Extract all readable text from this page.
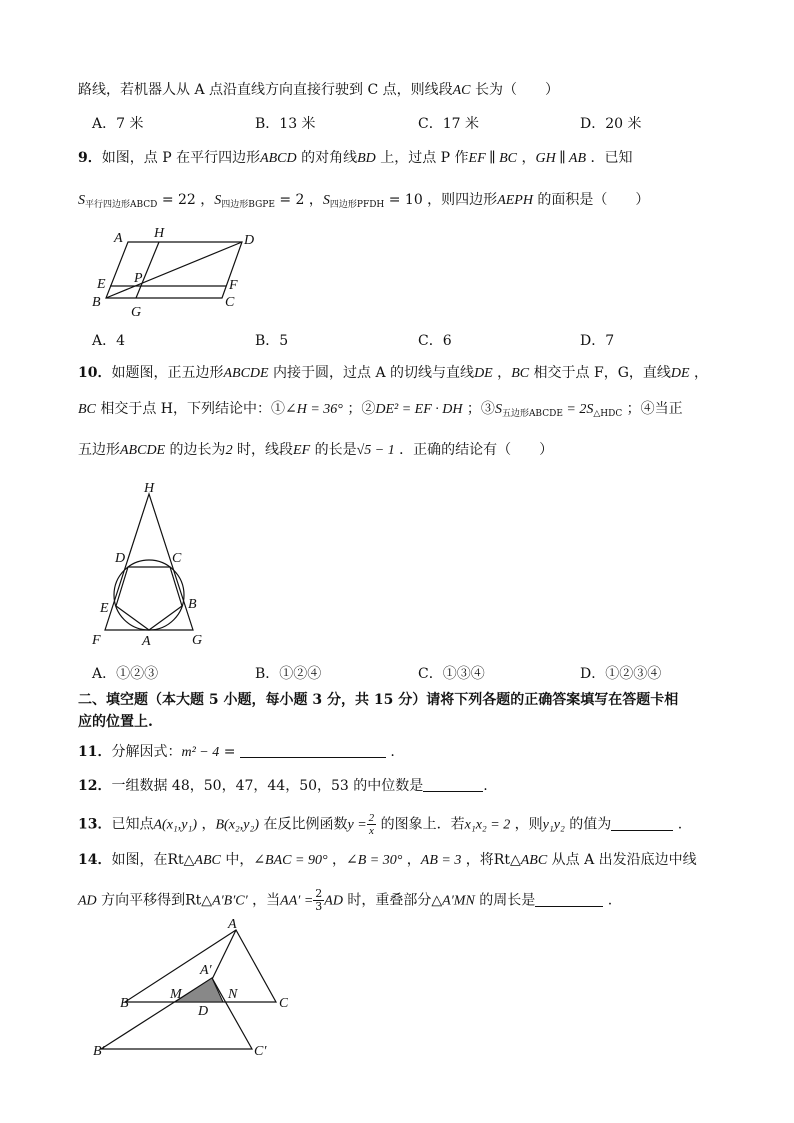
路线，若机器人从 A 点沿直线方向直接行驶到 C 点，则线段AC 长为（　　）
A．7 米	B．13 米	C．17 米	D．20 米
9．如图，点 P 在平行四边形ABCD 的对角线BD 上，过点 P 作EF ∥ BC ，GH ∥ AB ．已知
$S_{平行四边形ABCD} = 22$ ，$S_{四边形BGPE} = 2$ ，$S_{四边形PFDH} = 10$ ，则四边形AEPH 的面积是（　　）
A H	D
E P	F
B
G
C
A．4	B．5	C．6	D．7
10．如题图，正五边形ABCDE 内接于圆，过点 A 的切线与直线DE ，BC 相交于点 F，G，直线DE ，
BC 相交于点 H，下列结论中：①∠H = 36° ；②DE² = EF · DH ；$③S_{五边形ABCDE} = 2S_{\triangle HDC}$ ；④当正
五边形ABCDE 的边长为2 时，线段EF 的长是√5 − 1 ．正确的结论有（　　）
H
D	C
E	B
F	A	G
A．①②③	B．①②④	C．①③④	D．①②③④
二、填空题（本大题 5 小题，每小题 3 分，共 15 分）请将下列各题的正确答案填写在答题卡相
应的位置上.
11．分解因式：m² − 4 =	.
12．一组数据 48，50，47，44，50，53 的中位数是	.
13．已知点A(x₁,y₁) ，B(x₂,y₂) 在反比例函数$y = \frac{2}{x}$ 的图象上．若x₁x₂ = 2 ，则y₁y₂ 的值为	.
14．如图，在Rt△ABC 中，∠BAC = 90° ，∠B = 30° ，AB = 3 ，将Rt△ABC 从点 A 出发沿底边中线
AD 方向平移得到Rt△A′B′C′ ，当$AA' = \frac{2}{3}$ AD 时，重叠部分△A′MN 的周长是	.
A
A′
B
M	N
C
D
B′	C′
